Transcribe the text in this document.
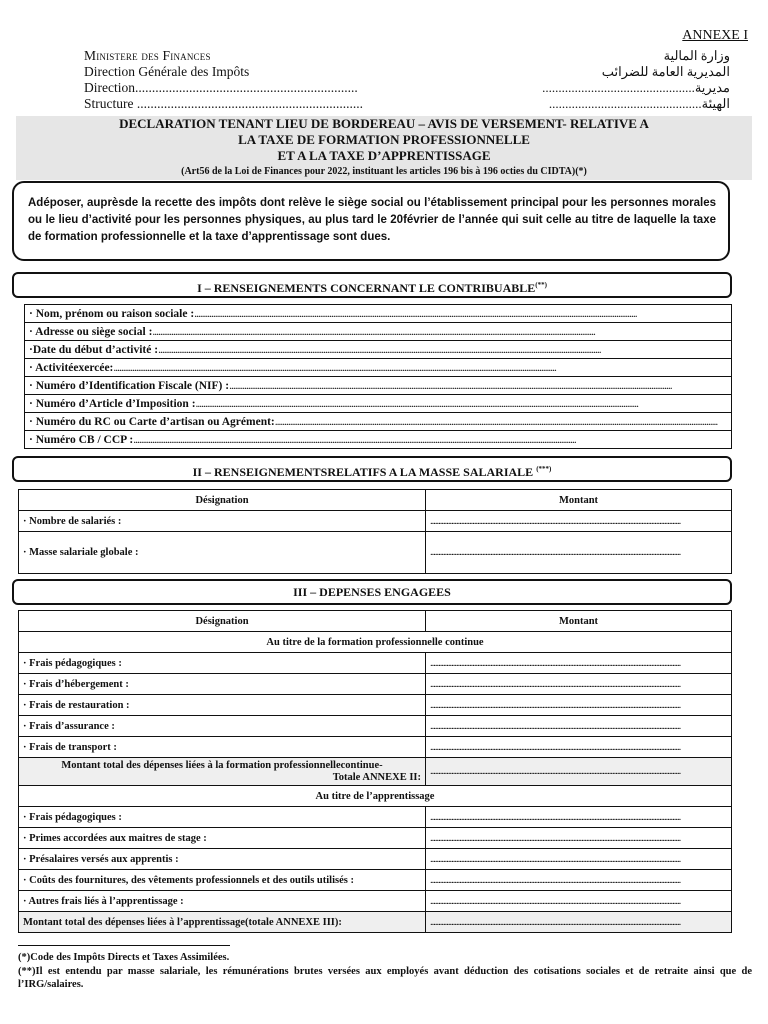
ANNEXE I
Ministere des Finances
Direction Générale des Impôts
Direction..................................................................
Structure ...................................................................
وزارة المالية
المديرية العامة للضرائب
مديرية...............................................
الهيئة...............................................
DECLARATION TENANT LIEU DE BORDEREAU – AVIS DE VERSEMENT- RELATIVE A
LA TAXE DE FORMATION PROFESSIONNELLE
ET A LA TAXE D’APPRENTISSAGE
(Art56 de la Loi de Finances pour 2022, instituant les articles 196 bis à 196 octies du CIDTA)(*)
Adéposer, auprèsde la recette des impôts dont relève le siège social ou l’établissement principal pour les personnes morales ou le lieu d’activité pour les personnes physiques, au plus tard le 20février de l’année qui suit celle au titre de laquelle la taxe de formation professionnelle et la taxe d’apprentissage sont dues.
I – RENSEIGNEMENTS CONCERNANT LE CONTRIBUABLE(**)
· Nom, prénom ou raison sociale :............................................................................................................................................................................................................................................
· Adresse ou siège social :............................................................................................................................................................................................................................................
·Date du début d’activité :............................................................................................................................................................................................................................................
· Activitéexercée:............................................................................................................................................................................................................................................
· Numéro d’Identification Fiscale (NIF) :............................................................................................................................................................................................................................................
· Numéro d’Article d’Imposition :............................................................................................................................................................................................................................................
· Numéro du RC ou Carte d’artisan ou Agrément:............................................................................................................................................................................................................................................
· Numéro CB / CCP :............................................................................................................................................................................................................................................
II – RENSEIGNEMENTSRELATIFS A LA MASSE SALARIALE (***)
Désignation	Montant
· Nombre de salariés :	..........................................................................................................................................................
· Masse salariale globale :	..........................................................................................................................................................
III – DEPENSES ENGAGEES
Désignation	Montant
Au titre de la formation professionnelle continue	
· Frais pédagogiques :	..........................................................................................................................................................
· Frais d’hébergement :	..........................................................................................................................................................
· Frais de restauration :	..........................................................................................................................................................
· Frais d’assurance :	..........................................................................................................................................................
· Frais de transport :	..........................................................................................................................................................

Montant total des dépenses liées à la formation professionnellecontinue-
Totale ANNEXE II:	..........................................................................................................................................................
Au titre de l’apprentissage	
· Frais pédagogiques :	..........................................................................................................................................................
· Primes accordées aux maitres de stage :	..........................................................................................................................................................
· Présalaires versés aux apprentis :	..........................................................................................................................................................
· Coûts des fournitures, des vêtements professionnels et des outils utilisés :	..........................................................................................................................................................
· Autres frais liés à l’apprentissage :	..........................................................................................................................................................
Montant total des dépenses liées à l’apprentissage(totale ANNEXE III):	..........................................................................................................................................................
(*)Code des Impôts Directs et Taxes Assimilées.
(**)Il est entendu par masse salariale, les rémunérations brutes versées aux employés avant déduction des cotisations sociales et de retraite ainsi que de l’IRG/salaires.
